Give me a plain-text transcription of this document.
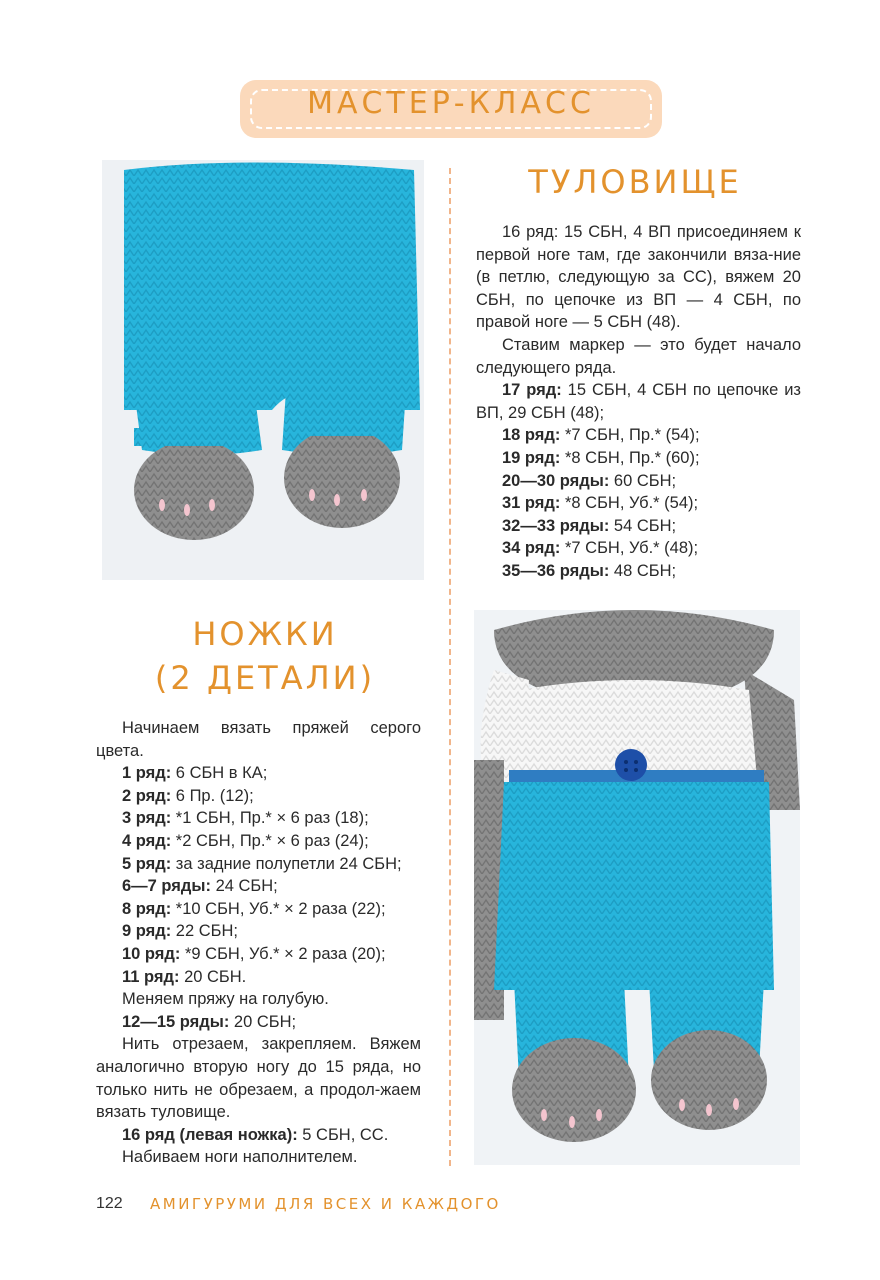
МАСТЕР-КЛАСС
ТУЛОВИЩЕ

16 ряд: 15 СБН, 4 ВП присоединяем к первой ноге там, где закончили вяза-ние (в петлю, следующую за СС), вяжем 20 СБН, по цепочке из ВП — 4 СБН, по правой ноге — 5 СБН (48).

Ставим маркер — это будет начало следующего ряда.

17 ряд: 15 СБН, 4 СБН по цепочке из ВП, 29 СБН (48);

18 ряд: *7 СБН, Пр.* (54);

19 ряд: *8 СБН, Пр.* (60);

20—30 ряды: 60 СБН;

31 ряд: *8 СБН, Уб.* (54);

32—33 ряды: 54 СБН;

34 ряд: *7 СБН, Уб.* (48);

35—36 ряды: 48 СБН;

НОЖКИ
(2 ДЕТАЛИ)

Начинаем вязать пряжей серого цвета.

1 ряд: 6 СБН в КА;

2 ряд: 6 Пр. (12);

3 ряд: *1 СБН, Пр.* × 6 раз (18);

4 ряд: *2 СБН, Пр.* × 6 раз (24);

5 ряд: за задние полупетли 24 СБН;

6—7 ряды: 24 СБН;

8 ряд: *10 СБН, Уб.* × 2 раза (22);

9 ряд: 22 СБН;

10 ряд: *9 СБН, Уб.* × 2 раза (20);

11 ряд: 20 СБН.

Меняем пряжу на голубую.

12—15 ряды: 20 СБН;

Нить отрезаем, закрепляем. Вяжем аналогично вторую ногу до 15 ряда, но только нить не обрезаем, а продол-жаем вязать туловище.

16 ряд (левая ножка): 5 СБН, СС.

Набиваем ноги наполнителем.

122 АМИГУРУМИ ДЛЯ ВСЕХ И КАЖДОГО
